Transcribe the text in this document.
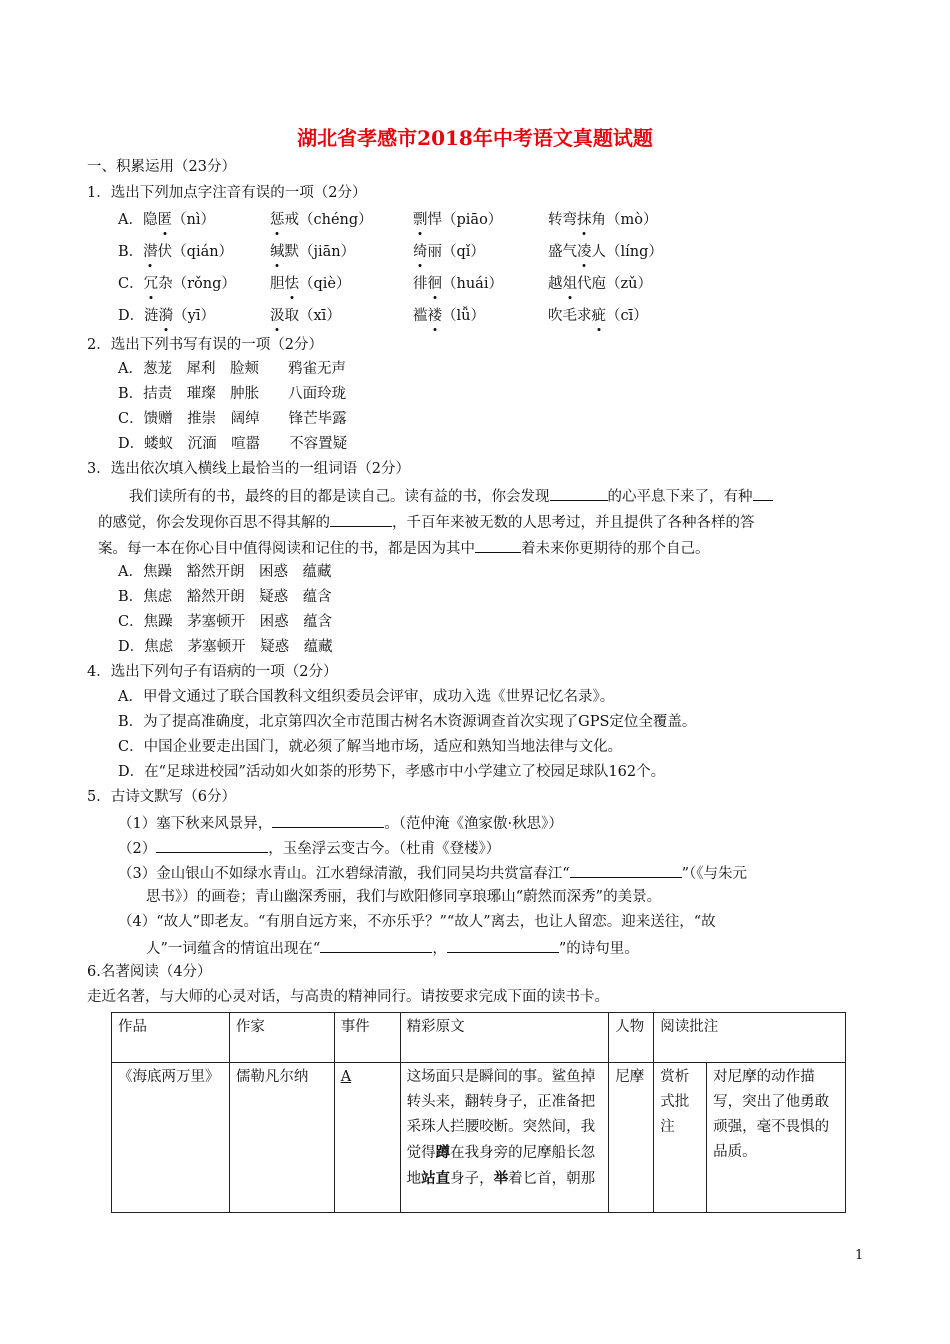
湖北省孝感市2018年中考语文真题试题
一、积累运用（23分）
1．选出下列加点字注音有误的一项（2分）
A．隐匿（nì）	惩戒（chéng）	剽悍（piāo）	转弯抹角（mò）
B．潜伏（qián）	缄默（jiān）	绮丽（qǐ）	盛气凌人（líng）
C．冗杂（rǒng） 胆怯（qiè）	徘徊（huái）	越俎代庖（zǔ）
D．涟漪（yī）	汲取（xī）	褴褛（lǚ）	吹毛求疵（cī）
2．选出下列书写有误的一项（2分）
A．葱茏　犀利　脸颊　　鸦雀无声
B．拮责　璀璨　肿胀　　八面玲珑
C．馈赠　推崇　阔绰　　锋芒毕露
D．蝼蚁　沉湎　喧嚣　　不容置疑
3．选出依次填入横线上最恰当的一组词语（2分）
我们读所有的书，最终的目的都是读自己。读有益的书，你会发现	的心平息下来了，有种
的感觉，你会发现你百思不得其解的	，千百年来被无数的人思考过，并且提供了各种各样的答
案。每一本在你心目中值得阅读和记住的书，都是因为其中	着未来你更期待的那个自己。
A．焦躁　豁然开朗　困惑　蕴藏
B．焦虑　豁然开朗　疑惑　蕴含
C．焦躁　茅塞顿开　困惑　蕴含
D．焦虑　茅塞顿开　疑惑　蕴藏
4．选出下列句子有语病的一项（2分）
A．甲骨文通过了联合国教科文组织委员会评审，成功入选《世界记忆名录》。
B．为了提高准确度，北京第四次全市范围古树名木资源调查首次实现了GPS定位全覆盖。
C．中国企业要走出国门，就必须了解当地市场，适应和熟知当地法律与文化。
D．在“足球进校园”活动如火如荼的形势下，孝感市中小学建立了校园足球队162个。
5．古诗文默写（6分）
（1）塞下秋来风景异，	。（范仲淹《渔家傲·秋思》）
（2）	，玉垒浮云变古今。（杜甫《登楼》）
（3）金山银山不如绿水青山。江水碧绿清澈，我们同吴均共赏富春江“	”（《与朱元
思书》）的画卷；青山幽深秀丽，我们与欧阳修同享琅琊山“蔚然而深秀”的美景。
（4）“故人”即老友。“有朋自远方来，不亦乐乎？”“故人”离去，也让人留恋。迎来送往，“故
人”一词蕴含的情谊出现在“	，	”的诗句里。
6.名著阅读（4分）
走近名著，与大师的心灵对话，与高贵的精神同行。请按要求完成下面的读书卡。
作品	作家	事件	精彩原文	人物	阅读批注	
《海底两万里》	儒勒凡尔纳	A	这场面只是瞬间的事。鲨鱼掉转头来，翻转身子，正准备把采珠人拦腰咬断。突然间，我觉得蹲在我身旁的尼摩船长忽地站直身子，举着匕首，朝那	尼摩	赏析式批注	对尼摩的动作描写，突出了他勇敢顽强，毫不畏惧的品质。
1
